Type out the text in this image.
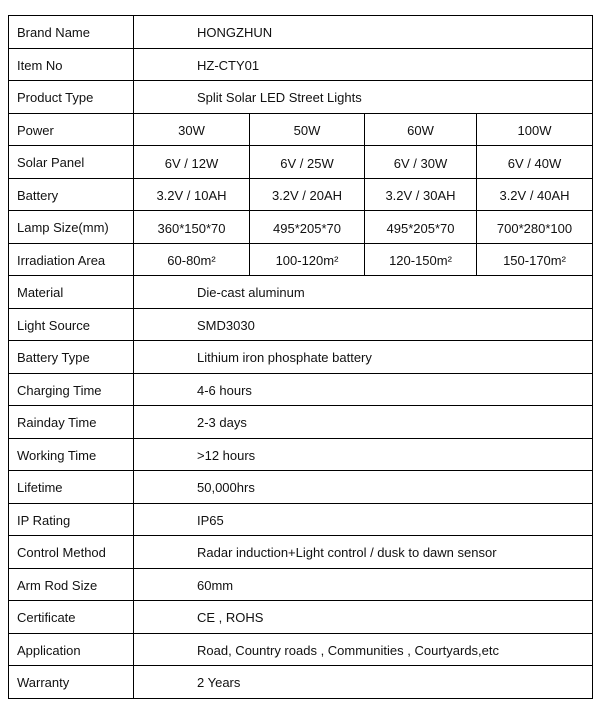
Brand Name	HONGZHUN			
Item No	HZ-CTY01			
Product Type	Split Solar LED Street Lights			
Power	30W	50W	60W	100W
Solar Panel	6V / 12W	6V / 25W	6V / 30W	6V / 40W
Battery	3.2V / 10AH	3.2V / 20AH	3.2V / 30AH	3.2V / 40AH
Lamp Size(mm)	360*150*70	495*205*70	495*205*70	700*280*100
Irradiation Area	60-80m²	100-120m²	120-150m²	150-170m²
Material	Die-cast aluminum			
Light Source	SMD3030			
Battery Type	Lithium iron phosphate battery			
Charging Time	4-6 hours			
Rainday Time	2-3 days			
Working Time	>12 hours			
Lifetime	50,000hrs			
IP Rating	IP65			
Control Method	Radar induction+Light control / dusk to dawn sensor			
Arm Rod Size	60mm			
Certificate	CE , ROHS			
Application	Road, Country roads , Communities , Courtyards,etc			
Warranty	2 Years			
